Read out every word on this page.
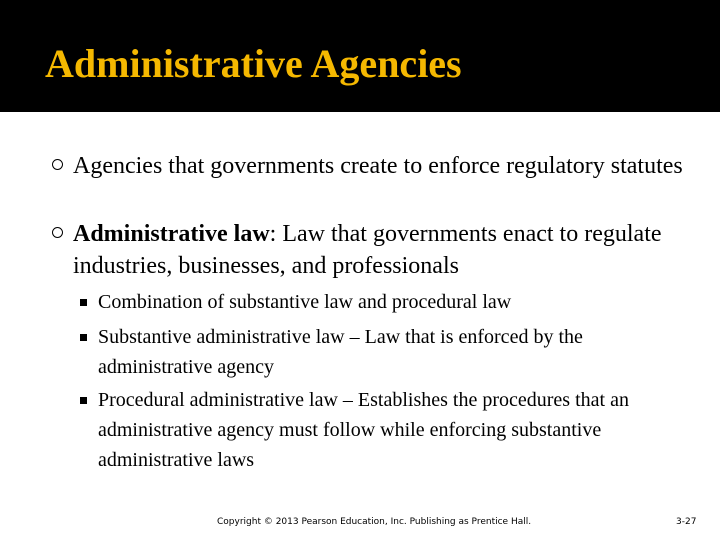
Administrative Agencies
Agencies that governments create to enforce regulatory statutes
Administrative law: Law that governments enact to regulate industries, businesses, and professionals
Combination of substantive law and procedural law
Substantive administrative law – Law that is enforced by the administrative agency
Procedural administrative law – Establishes the procedures that an administrative agency must follow while enforcing substantive administrative laws
Copyright © 2013 Pearson Education, Inc. Publishing as Prentice Hall.	3-27
